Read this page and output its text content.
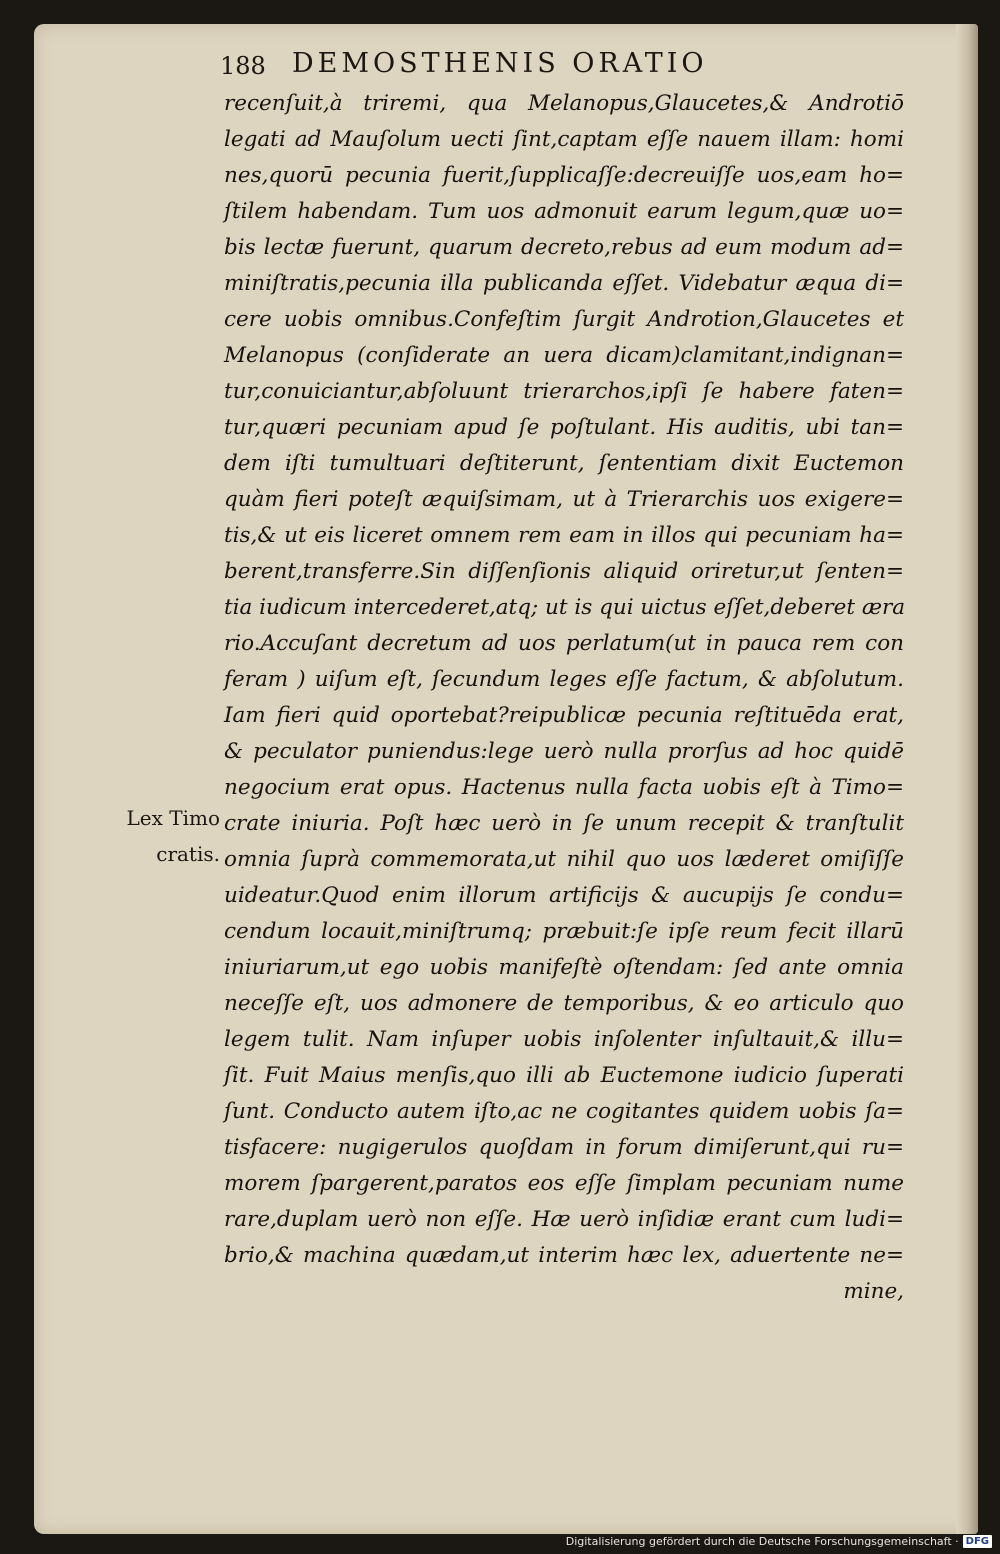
188 DEMOSTHENIS ORATIO
Lex Timo
cratis.
recenſuit,à triremi, qua Melanopus,Glaucetes,& Androtiō
legati ad Mauſolum uecti ſint,captam eſſe nauem illam: homi
nes,quorū pecunia fuerit,ſupplicaſſe:decreuiſſe uos,eam ho=
ſtilem habendam. Tum uos admonuit earum legum,quæ uo=
bis lectæ fuerunt, quarum decreto,rebus ad eum modum ad=
miniſtratis,pecunia illa publicanda eſſet. Videbatur æqua di=
cere uobis omnibus.Confeſtim ſurgit Androtion,Glaucetes et
Melanopus (conſiderate an uera dicam)clamitant,indignan=
tur,conuiciantur,abſoluunt trierarchos,ipſi ſe habere faten=
tur,quæri pecuniam apud ſe poſtulant. His auditis, ubi tan=
dem iſti tumultuari deſtiterunt, ſententiam dixit Euctemon
quàm fieri poteſt æquiſsimam, ut à Trierarchis uos exigere=
tis,& ut eis liceret omnem rem eam in illos qui pecuniam ha=
berent,transferre.Sin diſſenſionis aliquid oriretur,ut ſenten=
tia iudicum intercederet,atq; ut is qui uictus eſſet,deberet æra
rio.Accuſant decretum ad uos perlatum(ut in pauca rem con
feram ) uiſum eſt, ſecundum leges eſſe factum, & abſolutum.
Iam fieri quid oportebat?reipublicæ pecunia reſtituēda erat,
& peculator puniendus:lege uerò nulla prorſus ad hoc quidē
negocium erat opus. Hactenus nulla facta uobis eſt à Timo=
crate iniuria. Poſt hæc uerò in ſe unum recepit & tranſtulit
omnia ſuprà commemorata,ut nihil quo uos læderet omiſiſſe
uideatur.Quod enim illorum artificijs & aucupijs ſe condu=
cendum locauit,miniſtrumq; præbuit:ſe ipſe reum fecit illarū
iniuriarum,ut ego uobis manifeſtè oſtendam: ſed ante omnia
neceſſe eſt, uos admonere de temporibus, & eo articulo quo
legem tulit. Nam inſuper uobis inſolenter inſultauit,& illu=
ſit. Fuit Maius menſis,quo illi ab Euctemone iudicio ſuperati
ſunt. Conducto autem iſto,ac ne cogitantes quidem uobis ſa=
tisfacere: nugigerulos quoſdam in forum dimiſerunt,qui ru=
morem ſpargerent,paratos eos eſſe ſimplam pecuniam nume
rare,duplam uerò non eſſe. Hæ uerò inſidiæ erant cum ludi=
brio,& machina quædam,ut interim hæc lex, aduertente ne=
mine,
Digitalisierung gefördert durch die Deutsche Forschungsgemeinschaft · DFG
